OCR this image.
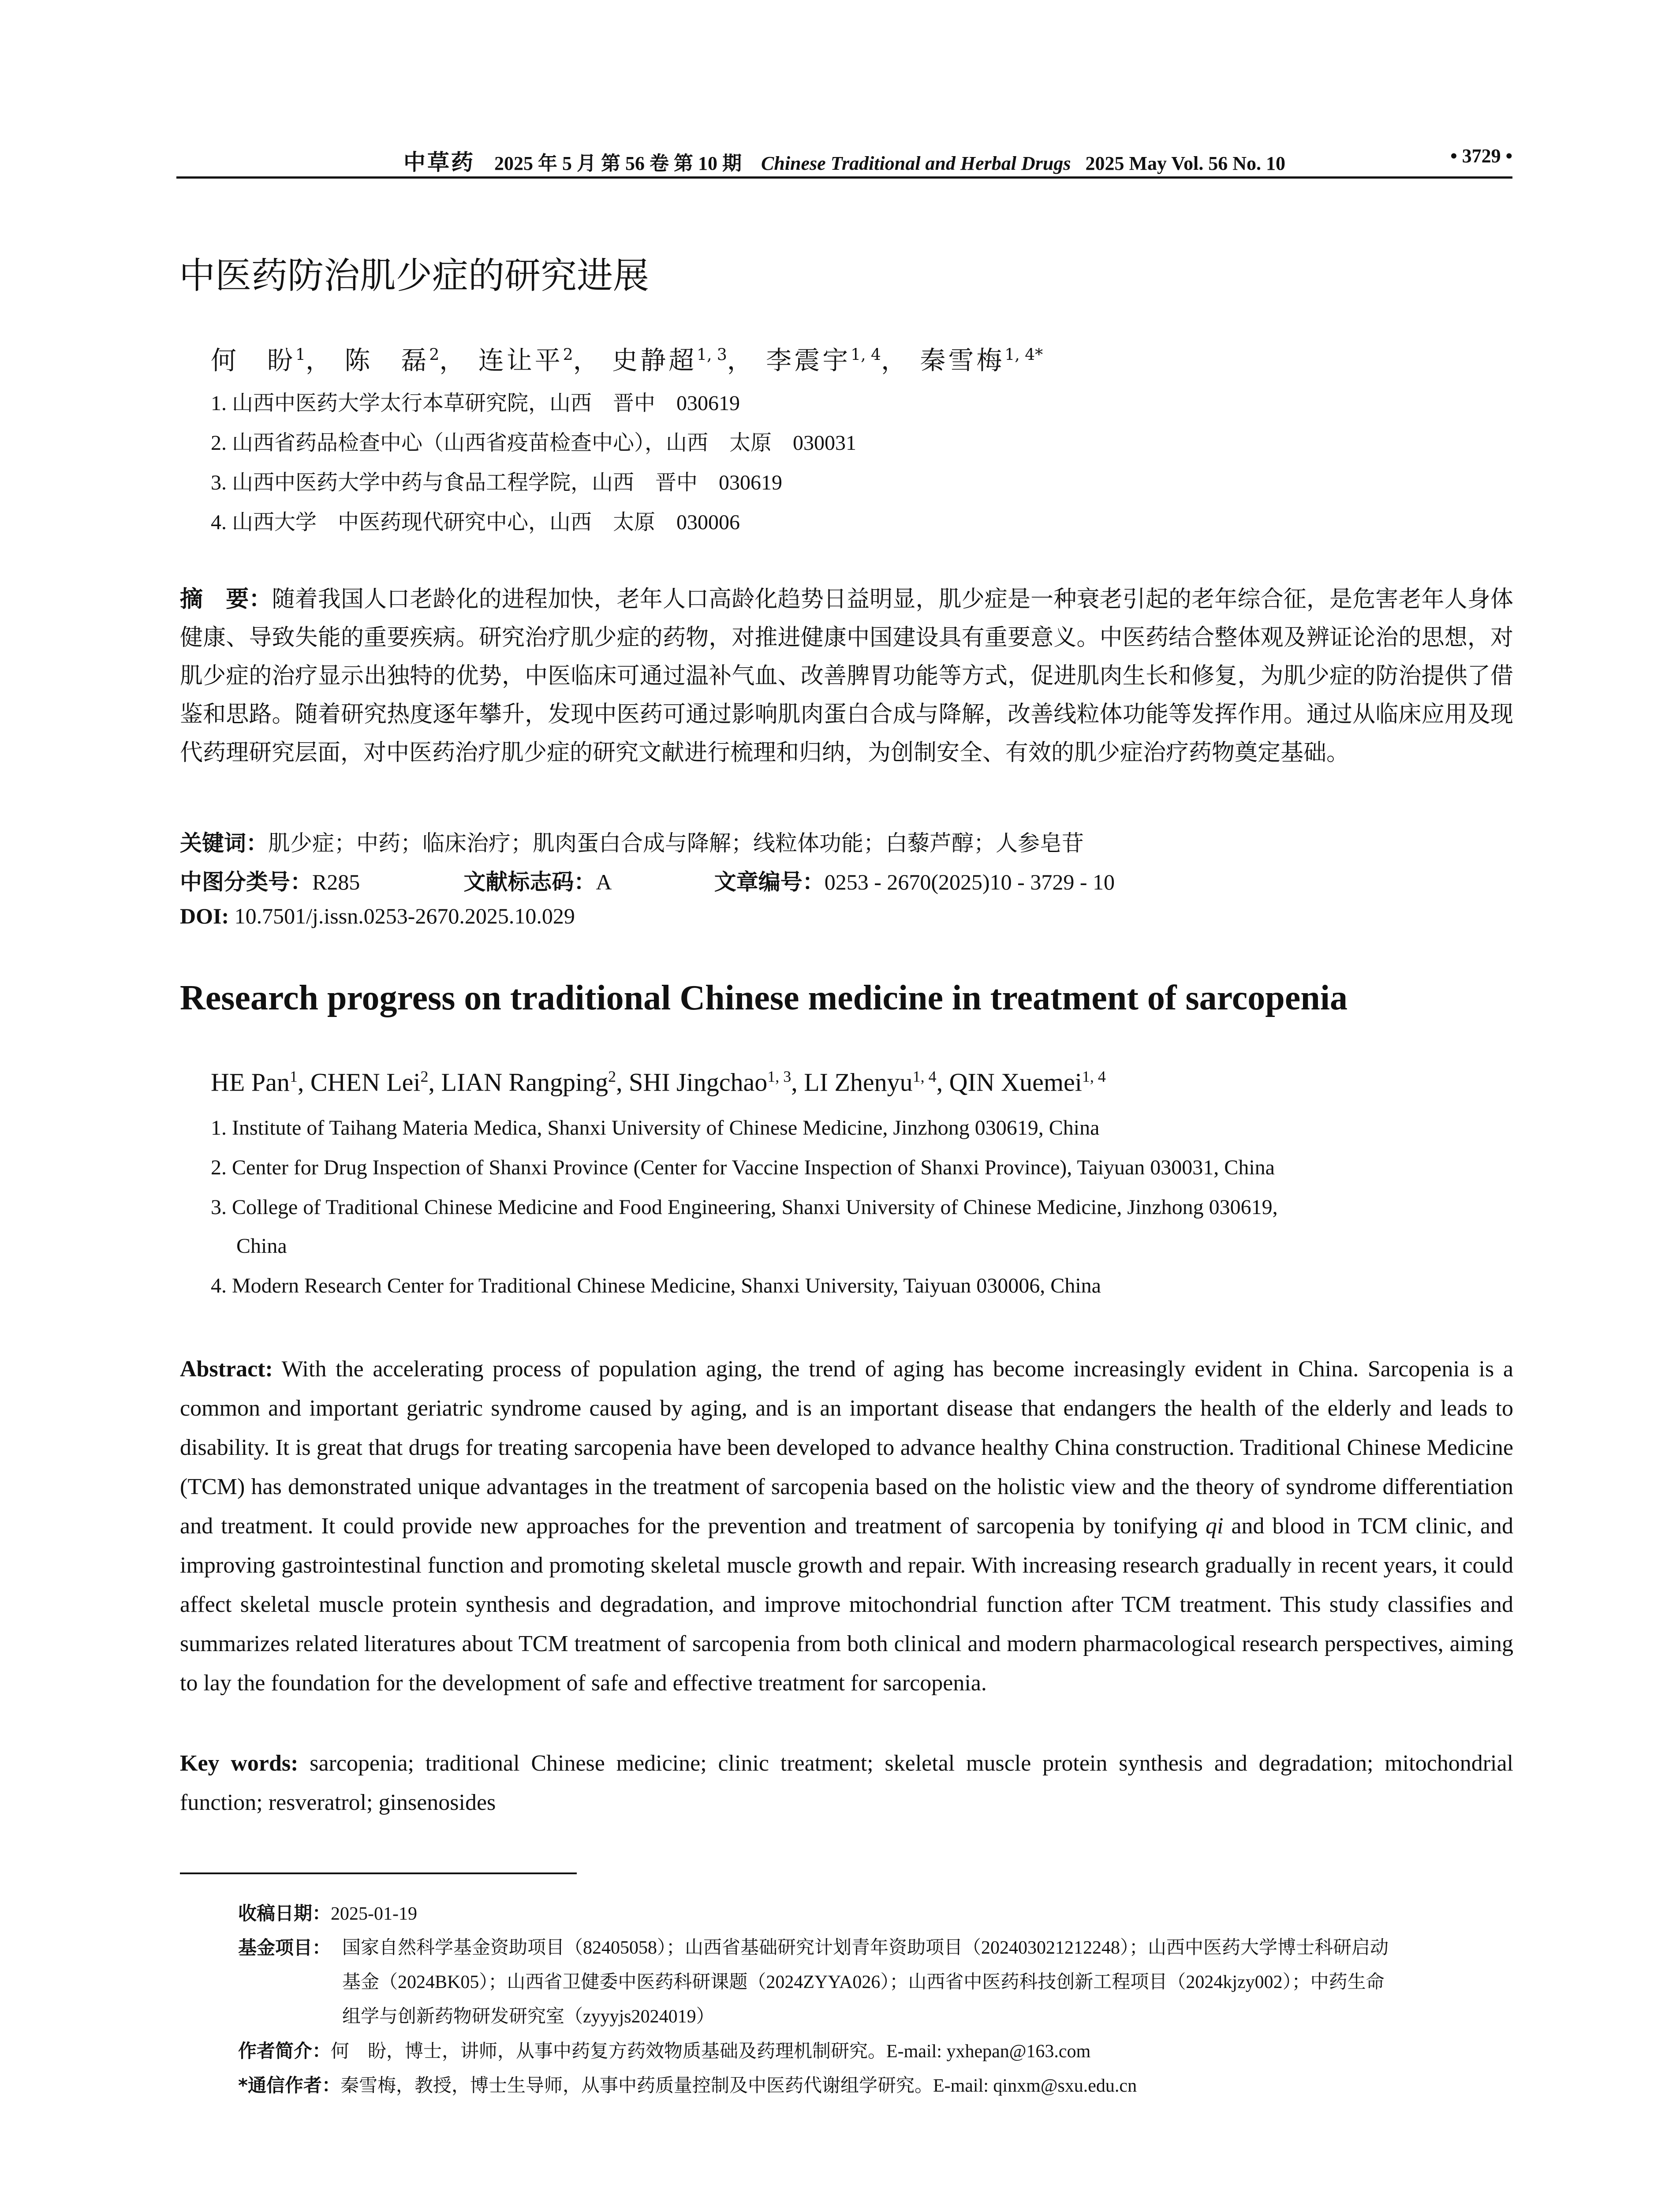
中草药 2025 年 5 月 第 56 卷 第 10 期 Chinese Traditional and Herbal Drugs 2025 May Vol. 56 No. 10	• 3729 •
中医药防治肌少症的研究进展
何　盼$^1$， 陈　磊$^2$， 连让平$^2$， 史静超$^{1, 3}$， 李震宇$^{1, 4}$， 秦雪梅$^{1, 4*}$
1. 山西中医药大学太行本草研究院，山西　晋中　030619
2. 山西省药品检查中心（山西省疫苗检查中心），山西　太原　030031
3. 山西中医药大学中药与食品工程学院，山西　晋中　030619
4. 山西大学　中医药现代研究中心，山西　太原　030006
摘　要：随着我国人口老龄化的进程加快，老年人口高龄化趋势日益明显，肌少症是一种衰老引起的老年综合征，是危害老年人身体健康、导致失能的重要疾病。研究治疗肌少症的药物，对推进健康中国建设具有重要意义。中医药结合整体观及辨证论治的思想，对肌少症的治疗显示出独特的优势，中医临床可通过温补气血、改善脾胃功能等方式，促进肌肉生长和修复，为肌少症的防治提供了借鉴和思路。随着研究热度逐年攀升，发现中医药可通过影响肌肉蛋白合成与降解，改善线粒体功能等发挥作用。通过从临床应用及现代药理研究层面，对中医药治疗肌少症的研究文献进行梳理和归纳，为创制安全、有效的肌少症治疗药物奠定基础。
关键词：肌少症；中药；临床治疗；肌肉蛋白合成与降解；线粒体功能；白藜芦醇；人参皂苷
中图分类号：R285	文献标志码：A	文章编号：0253 - 2670(2025)10 - 3729 - 10
DOI: 10.7501/j.issn.0253-2670.2025.10.029
Research progress on traditional Chinese medicine in treatment of sarcopenia
HE Pan$^1$, CHEN Lei$^2$, LIAN Rangping$^2$, SHI Jingchao$^{1, 3}$, LI Zhenyu$^{1, 4}$, QIN Xuemei$^{1, 4}$
1. Institute of Taihang Materia Medica, Shanxi University of Chinese Medicine, Jinzhong 030619, China
2. Center for Drug Inspection of Shanxi Province (Center for Vaccine Inspection of Shanxi Province), Taiyuan 030031, China
3. College of Traditional Chinese Medicine and Food Engineering, Shanxi University of Chinese Medicine, Jinzhong 030619,
China
4. Modern Research Center for Traditional Chinese Medicine, Shanxi University, Taiyuan 030006, China
Abstract: With the accelerating process of population aging, the trend of aging has become increasingly evident in China. Sarcopenia is a common and important geriatric syndrome caused by aging, and is an important disease that endangers the health of the elderly and leads to disability. It is great that drugs for treating sarcopenia have been developed to advance healthy China construction. Traditional Chinese Medicine (TCM) has demonstrated unique advantages in the treatment of sarcopenia based on the holistic view and the theory of syndrome differentiation and treatment. It could provide new approaches for the prevention and treatment of sarcopenia by tonifying qi and blood in TCM clinic, and improving gastrointestinal function and promoting skeletal muscle growth and repair. With increasing research gradually in recent years, it could affect skeletal muscle protein synthesis and degradation, and improve mitochondrial function after TCM treatment. This study classifies and summarizes related literatures about TCM treatment of sarcopenia from both clinical and modern pharmacological research perspectives, aiming to lay the foundation for the development of safe and effective treatment for sarcopenia.
Key words: sarcopenia; traditional Chinese medicine; clinic treatment; skeletal muscle protein synthesis and degradation; mitochondrial function; resveratrol; ginsenosides
收稿日期：2025-01-19
基金项目： 国家自然科学基金资助项目（82405058）；山西省基础研究计划青年资助项目（202403021212248）；山西中医药大学博士科研启动
基金（2024BK05）；山西省卫健委中医药科研课题（2024ZYYA026）；山西省中医药科技创新工程项目（2024kjzy002）；中药生命
组学与创新药物研发研究室（zyyyjs2024019）
作者简介：何　盼，博士，讲师，从事中药复方药效物质基础及药理机制研究。E-mail: yxhepan@163.com
*通信作者：秦雪梅，教授，博士生导师，从事中药质量控制及中医药代谢组学研究。E-mail: qinxm@sxu.edu.cn
